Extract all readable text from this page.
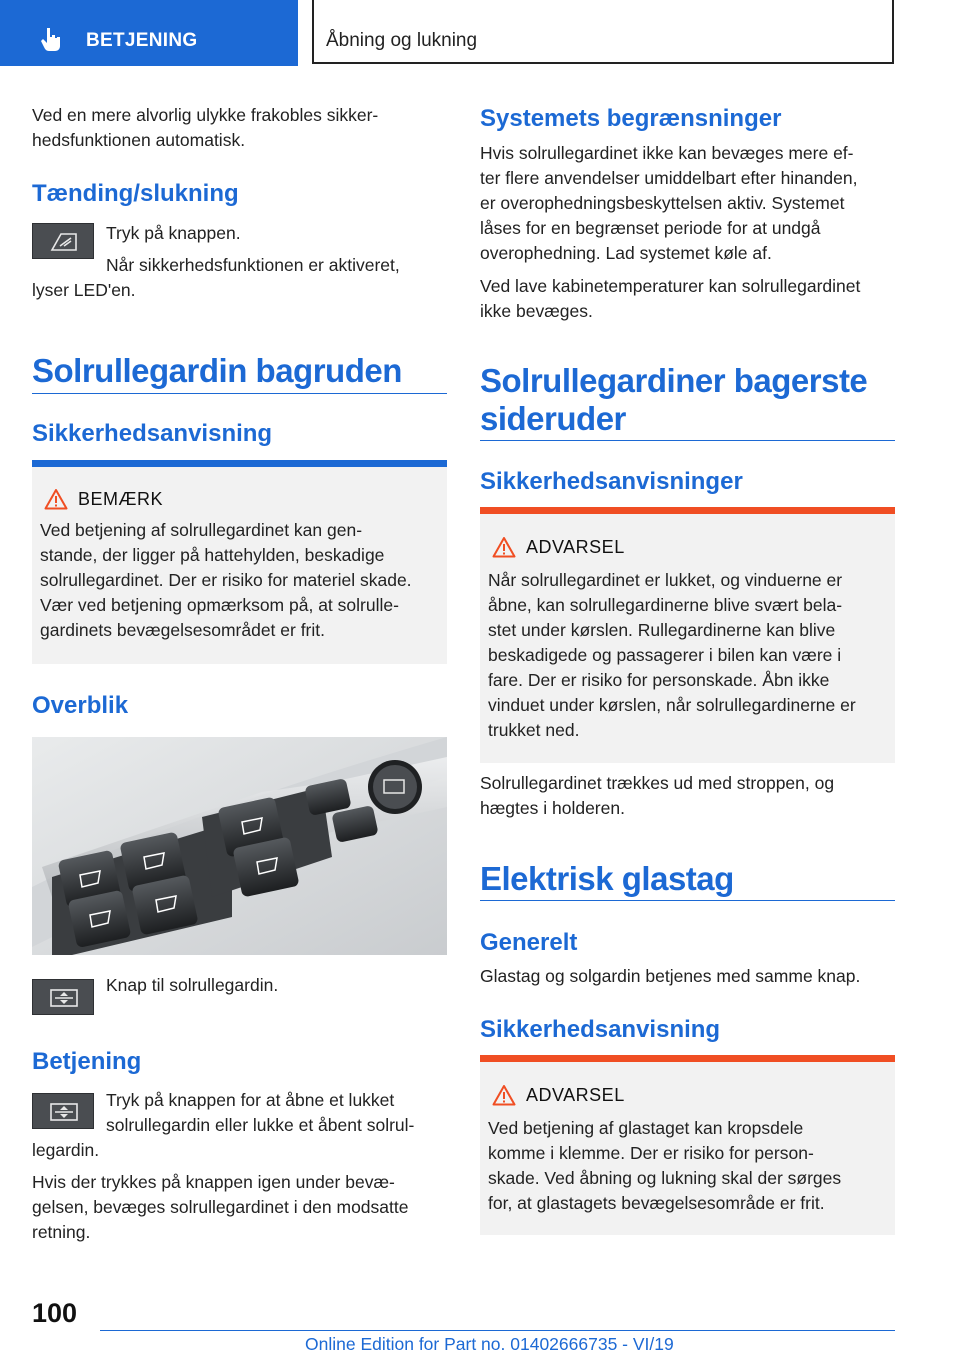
BETJENING	Åbning og lukning

Ved en mere alvorlig ulykke frakobles sikker-
hedsfunktionen automatisk.

Tænding/slukning

Tryk på knappen.

Når sikkerhedsfunktionen er aktiveret,

lyser LED'en.

Solrullegardin bagruden
Sikkerhedsanvisning
BEMÆRK
Ved betjening af solrullegardinet kan gen-
stande, der ligger på hattehylden, beskadige
solrullegardinet. Der er risiko for materiel skade.
Vær ved betjening opmærksom på, at solrulle-
gardinets bevægelsesområdet er frit.
Overblik

Knap til solrullegardin.

Betjening

Tryk på knappen for at åbne et lukket

solrullegardin eller lukke et åbent solrul-

legardin.

Hvis der trykkes på knappen igen under bevæ-
gelsen, bevæges solrullegardinet i den modsatte
retning.

Systemets begrænsninger

Hvis solrullegardinet ikke kan bevæges mere ef-
ter flere anvendelser umiddelbart efter hinanden,
er overophedningsbeskyttelsen aktiv. Systemet
låses for en begrænset periode for at undgå
overophedning. Lad systemet køle af.

Ved lave kabinetemperaturer kan solrullegardinet
ikke bevæges.

Solrullegardiner bagerste
sideruder
Sikkerhedsanvisninger
ADVARSEL
Når solrullegardinet er lukket, og vinduerne er
åbne, kan solrullegardinerne blive svært bela-
stet under kørslen. Rullegardinerne kan blive
beskadigede og passagerer i bilen kan være i
fare. Der er risiko for personskade. Åbn ikke
vinduet under kørslen, når solrullegardinerne er
trukket ned.

Solrullegardinet trækkes ud med stroppen, og
hægtes i holderen.

Elektrisk glastag
Generelt

Glastag og solgardin betjenes med samme knap.

Sikkerhedsanvisning
ADVARSEL
Ved betjening af glastaget kan kropsdele
komme i klemme. Der er risiko for person-
skade. Ved åbning og lukning skal der sørges
for, at glastagets bevægelsesområde er frit.
100
Online Edition for Part no. 01402666735 - VI/19
